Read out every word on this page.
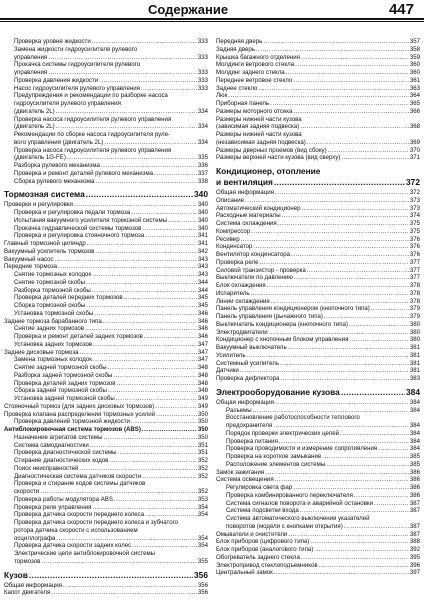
Содержание	447
Проверка уровня жидкости .....	333
Замена жидкости гидроусилителя рулевого
управления .....	333
Прокачка системы гидроусилителя рулевого
управления .....	333
Проверка давления жидкости .....	333
Насос гидроусилителя рулевого управления .....	333
Предупреждения и рекомендации по разборке насоса
гидроусилителя рулевого управления
(двигатель 2L) .....	334
Проверка насоса гидроусилителя рулевого управления
(двигатель 2L) .....	334
Рекомендации по сборке насоса гидроусилителя руле-
вого управления (двигатель 2L) .....	334
Проверка насоса гидроусилителя рулевого управления
(двигатель 1G-FE) .....	335
Разборка рулевого механизма .....	336
Проверка и ремонт деталей рулевого механизма .....	337
Сборка рулевого механизма .....	338
Тормозная система .....	340
Проверки и регулировки .....	340
Проверка и регулировка педали тормоза .....	340
Испытания вакуумного усилителя тормозной системы .....	340
Прокачка гидравлической системы тормозов .....	340
Проверка и регулировка стояночного тормоза .....	341
Главный тормозной цилиндр .....	341
Вакуумный усилитель тормозов .....	342
Вакуумный насос .....	343
Передние тормоза .....	343
Снятие тормозных колодок .....	343
Снятие тормозной скобы .....	344
Разборка тормозной скобы .....	344
Проверка деталей передних тормозов .....	345
Сборка тормозной скобы .....	345
Установка тормозной скобы .....	346
Задние тормоза барабанного типа .....	346
Снятие задних тормозов .....	346
Проверка и ремонт деталей задних тормозов .....	346
Установка задних тормозов .....	347
Задние дисковые тормоза .....	347
Замена тормозных колодок .....	347
Снятие задней тормозной скобы .....	348
Разборка задней тормозной скобы .....	348
Проверка деталей задних тормозов .....	348
Сборка задней тормозной скобы .....	348
Установка задней тормозной скобы .....	349
Стояночный тормоз (для задних дисковых тормозов) .....	349
Проверка клапана распределения тормозных усилий .....	350
Проверка давлений тормозной жидкости .....	350
Антиблокировочная система тормозов (ABS) .....	350
Назначение агрегатов системы .....	350
Система самодиагностики .....	351
Проверка диагностической системы .....	351
Стирание диагностических кодов .....	352
Поиск неисправностей .....	352
Диагностическая система датчиков скорости .....	352
Проверка и стирание кодов системы датчиков
скорости .....	352
Проверка работы модулятора ABS .....	353
Проверка реле управления .....	354
Проверка датчика скорости переднего колеса .....	354
Проверка датчика скорости переднего колеса и зубчатого
ротора датчика скорости с использованием
осциллографа .....	354
Проверка датчика скорости задних колес .....	354
Электрические цепи антиблокировочной системы
тормозов .....	355
Кузов .....	356
Общая информация .....	356
Капот двигателя .....	356
Передняя дверь .....	357
Задняя дверь .....	358
Крышка багажного отделения .....	359
Молдинги ветрового стекла .....	360
Молдинг заднего стекла .....	360
Переднее ветровое стекло .....	361
Заднее стекло .....	363
Люк .....	364
Приборная панель .....	365
Размеры моторного отсека .....	366
Размеры нижней части кузова
(зависимая задняя подвеска) .....	368
Размеры нижней части кузова
(независимая задняя подвеска) .....	369
Размеры дверных проемов (вид сбоку) .....	370
Размеры верхней части кузова (вид сверху) .....	371
Кондиционер, отопление
и вентиляция .....	372
Общая информация .....	372
Описание .....	373
Автоматический кондиционер .....	373
Расходные материалы .....	374
Система охлаждения .....	375
Компрессор .....	375
Ресивер .....	376
Конденсатор .....	376
Вентилятор конденсатора .....	376
Проверка реле .....	377
Силовой транзистор - проверка .....	377
Выключатели по давлению .....	377
Блок охлаждения .....	378
Испаритель .....	378
Линии охлаждения .....	378
Панель управления кондиционером (кнопочного типа) .....	379
Панель управления (рычажного типа) .....	379
Выключатель кондиционера (кнопочного типа) .....	380
Электродвигатели .....	380
Кондиционер с кнопочным блоком управления .....	380
Вакуумный выключатель .....	381
Усилитель .....	381
Системный усилитель .....	381
Датчики .....	381
Проверка дефлектора .....	383
Электрооборудование кузова .....	384
Общая информация .....	384
Разъемы .....	384
Восстановление работоспособности теплового
предохранителя .....	384
Порядок проверки электрических цепей .....	384
Проверка питания .....	384
Проверка проводимости и измерение сопротивления .....	384
Проверка на короткое замыкание .....	385
Расположение элементов системы .....	385
Замок зажигания .....	386
Система освещения .....	386
Регулировка света фар .....	386
Проверка комбинированного переключателя .....	386
Система сигналов поворота и аварийной остановки .....	387
Система подсветки входа .....	387
Система автоматического выключения указателей
поворотов (модели с кнопками открытия) .....	387
Омыватели и очистители .....	387
Блок приборов (цифрового типа) .....	388
Блок приборов (аналогового типа) .....	392
Обогреватель заднего стекла .....	395
Электропривод стеклоподъемников .....	396
Центральный замок .....	397
